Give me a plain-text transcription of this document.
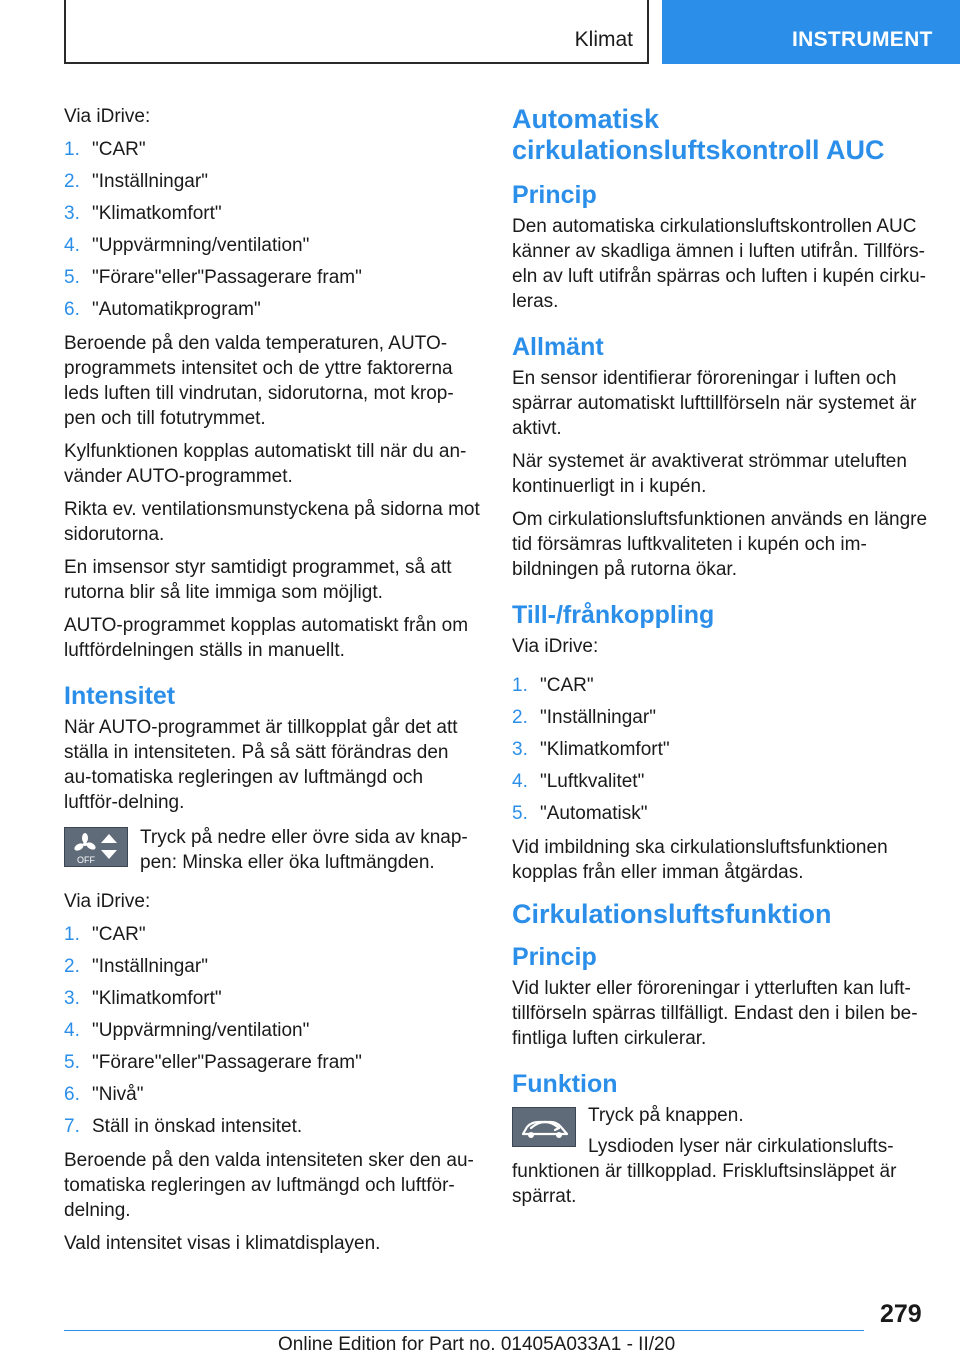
Klimat	INSTRUMENT

Via iDrive:

1. "CAR"
2. "Inställningar"
3. "Klimatkomfort"
4. "Uppvärmning/ventilation"
5. "Förare"eller"Passagerare fram"
6. "Automatikprogram"

Beroende på den valda temperaturen, AUTO-programmets intensitet och de yttre faktorerna leds luften till vindrutan, sidorutorna, mot krop-pen och till fotutrymmet.

Kylfunktionen kopplas automatiskt till när du an-vänder AUTO-programmet.

Rikta ev. ventilationsmunstyckena på sidorna mot sidorutorna.

En imsensor styr samtidigt programmet, så att rutorna blir så lite immiga som möjligt.

AUTO-programmet kopplas automatiskt från om luftfördelningen ställs in manuellt.

Intensitet

När AUTO-programmet är tillkopplat går det att ställa in intensiteten. På så sätt förändras den au-tomatiska regleringen av luftmängd och luftför-delning.

OFF
Tryck på nedre eller övre sida av knap-pen: Minska eller öka luftmängden.

Via iDrive:

1. "CAR"
2. "Inställningar"
3. "Klimatkomfort"
4. "Uppvärmning/ventilation"
5. "Förare"eller"Passagerare fram"
6. "Nivå"
7. Ställ in önskad intensitet.

Beroende på den valda intensiteten sker den au-tomatiska regleringen av luftmängd och luftför-delning.

Vald intensitet visas i klimatdisplayen.

Automatisk cirkulationsluftskontroll AUC
Princip

Den automatiska cirkulationsluftskontrollen AUC känner av skadliga ämnen i luften utifrån. Tillförs-eln av luft utifrån spärras och luften i kupén cirku-leras.

Allmänt

En sensor identifierar föroreningar i luften och spärrar automatiskt lufttillförseln när systemet är aktivt.

När systemet är avaktiverat strömmar uteluften kontinuerligt in i kupén.

Om cirkulationsluftsfunktionen används en längre tid försämras luftkvaliteten i kupén och im-bildningen på rutorna ökar.

Till-/frånkoppling

Via iDrive:

1. "CAR"
2. "Inställningar"
3. "Klimatkomfort"
4. "Luftkvalitet"
5. "Automatisk"

Vid imbildning ska cirkulationsluftsfunktionen kopplas från eller imman åtgärdas.

Cirkulationsluftsfunktion
Princip

Vid lukter eller föroreningar i ytterluften kan luft-tillförseln spärras tillfälligt. Endast den i bilen be-fintliga luften cirkulerar.

Funktion

Tryck på knappen.

Lysdioden lyser när cirkulationslufts-funktionen är tillkopplad. Friskluftsinsläppet är spärrat.

279
Online Edition for Part no. 01405A033A1 - II/20
